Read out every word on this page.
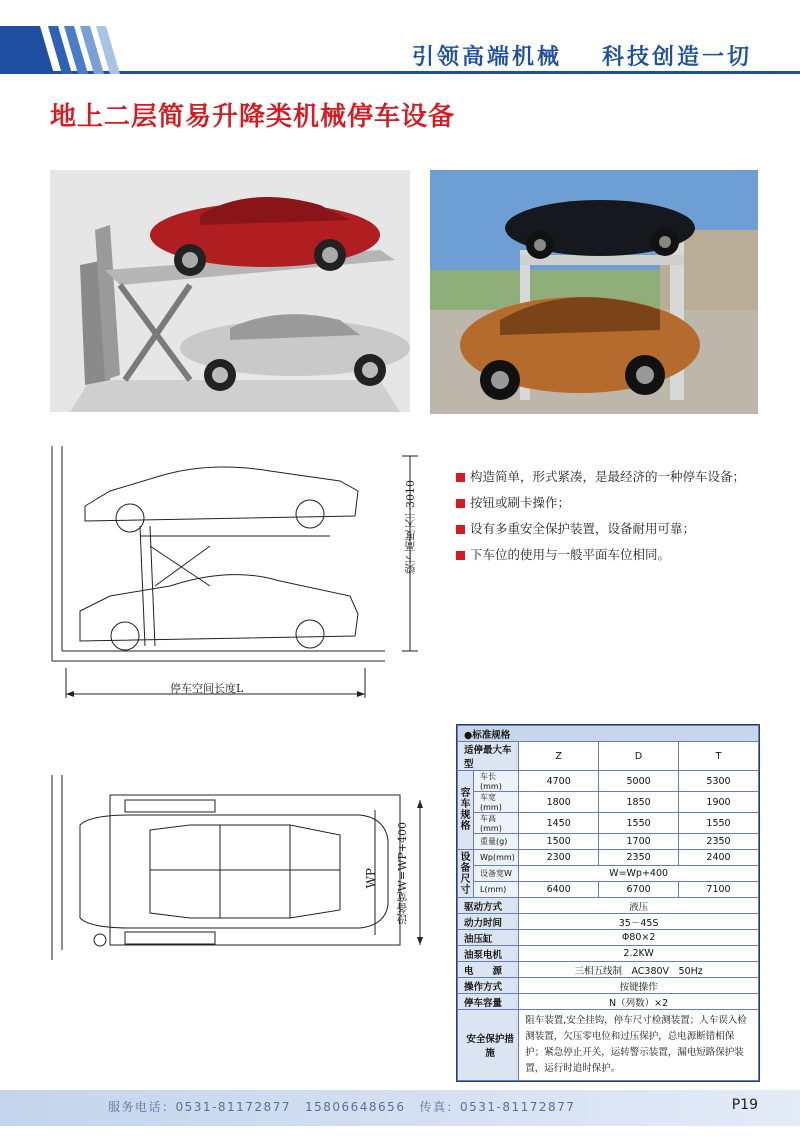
引领高端机械 科技创造一切
地上二层简易升降类机械停车设备
梁下高度大于3010
停车空间长度L
构造简单，形式紧凑，是最经济的一种停车设备；
按钮或刷卡操作；
设有多重安全保护装置，设备耐用可靠；
下车位的使用与一般平面车位相同。
WP 设备宽W=WP+400
●标准规格				
适停最大车型		Z	D	T
容车规格	车长(mm)	4700	5000	5300
	车宽(mm)	1800	1850	1900
	车高(mm)	1450	1550	1550
	重量(g)	1500	1700	2350
设备尺寸	Wp(mm)	2300	2350	2400
	设备宽W	W=Wp+400		
	L(mm)	6400	6700	7100
驱动方式		液压		
动力时间		35－45S		
油压缸		Φ80×2		
油泵电机		2.2KW		
电　　源		三相五线制　AC380V　50Hz		
操作方式		按键操作		
停车容量		N（列数）×2		
安全保护措施		阻车装置,安全挂钩，停车尺寸检测装置；人车误入检测装置，欠压零电位和过压保护，总电源断错相保护；紧急停止开关，运转警示装置，漏电短路保护装置，运行时追时保护。		
服务电话：0531-81172877 15806648656 传真：0531-81172877	P19
